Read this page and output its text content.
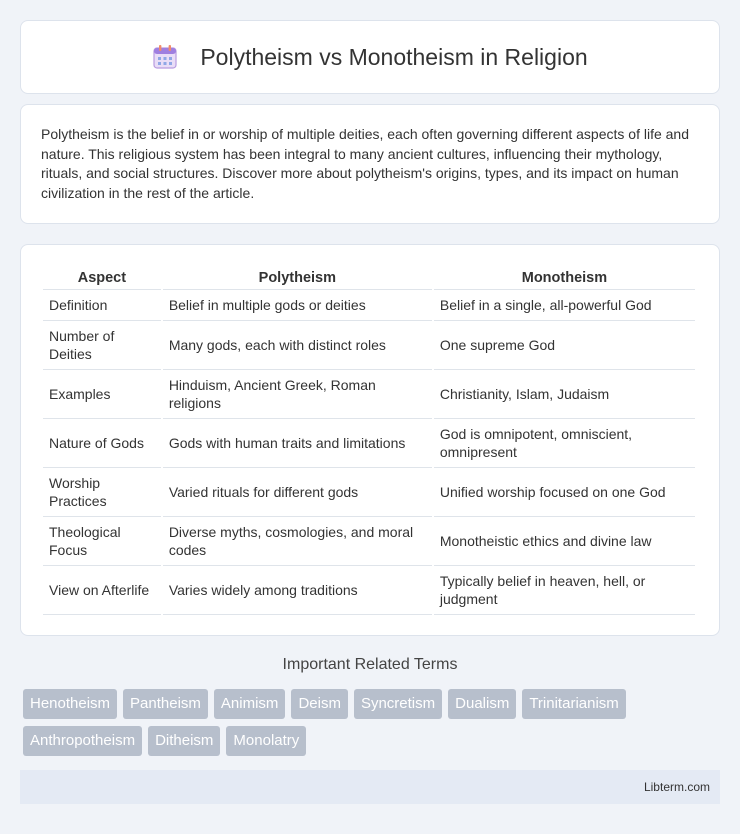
Polytheism vs Monotheism in Religion

Polytheism is the belief in or worship of multiple deities, each often governing different aspects of life and nature. This religious system has been integral to many ancient cultures, influencing their mythology, rituals, and social structures. Discover more about polytheism's origins, types, and its impact on human civilization in the rest of the article.

Aspect	Polytheism	Monotheism
Definition	Belief in multiple gods or deities	Belief in a single, all-powerful God
Number of Deities	Many gods, each with distinct roles	One supreme God
Examples	Hinduism, Ancient Greek, Roman religions	Christianity, Islam, Judaism
Nature of Gods	Gods with human traits and limitations	God is omnipotent, omniscient, omnipresent
Worship Practices	Varied rituals for different gods	Unified worship focused on one God
Theological Focus	Diverse myths, cosmologies, and moral codes	Monotheistic ethics and divine law
View on Afterlife	Varies widely among traditions	Typically belief in heaven, hell, or judgment
Important Related Terms
Henotheism	Pantheism	Animism	Deism	Syncretism	Dualism	Trinitarianism
Anthropotheism	Ditheism	Monolatry
Libterm.com
